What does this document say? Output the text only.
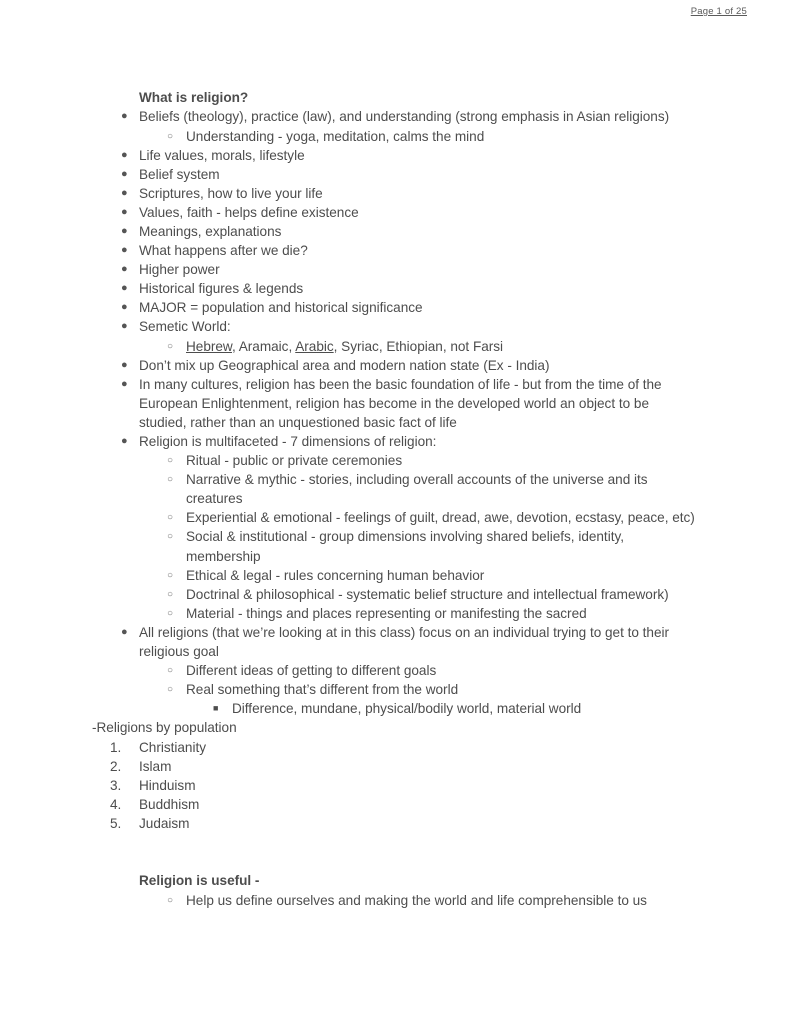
Page 1 of 25
What is religion?
● Beliefs (theology), practice (law), and understanding (strong emphasis in Asian religions)
○ Understanding - yoga, meditation, calms the mind
● Life values, morals, lifestyle
● Belief system
● Scriptures, how to live your life
● Values, faith - helps define existence
● Meanings, explanations
● What happens after we die?
● Higher power
● Historical figures & legends
● MAJOR = population and historical significance
● Semetic World:
○ Hebrew, Aramaic, Arabic, Syriac, Ethiopian, not Farsi
● Don’t mix up Geographical area and modern nation state (Ex - India)
● In many cultures, religion has been the basic foundation of life - but from the time of the European Enlightenment, religion has become in the developed world an object to be studied, rather than an unquestioned basic fact of life
● Religion is multifaceted - 7 dimensions of religion:
○ Ritual - public or private ceremonies
○ Narrative & mythic - stories, including overall accounts of the universe and its creatures
○ Experiential & emotional - feelings of guilt, dread, awe, devotion, ecstasy, peace, etc)
○ Social & institutional - group dimensions involving shared beliefs, identity, membership
○ Ethical & legal - rules concerning human behavior
○ Doctrinal & philosophical - systematic belief structure and intellectual framework)
○ Material - things and places representing or manifesting the sacred
● All religions (that we’re looking at in this class) focus on an individual trying to get to their religious goal
○ Different ideas of getting to different goals
○ Real something that’s different from the world
■ Difference, mundane, physical/bodily world, material world
-Religions by population
1.	Christianity
2.	Islam
3.	Hinduism
4.	Buddhism
5.	Judaism
Religion is useful -
○ Help us define ourselves and making the world and life comprehensible to us
